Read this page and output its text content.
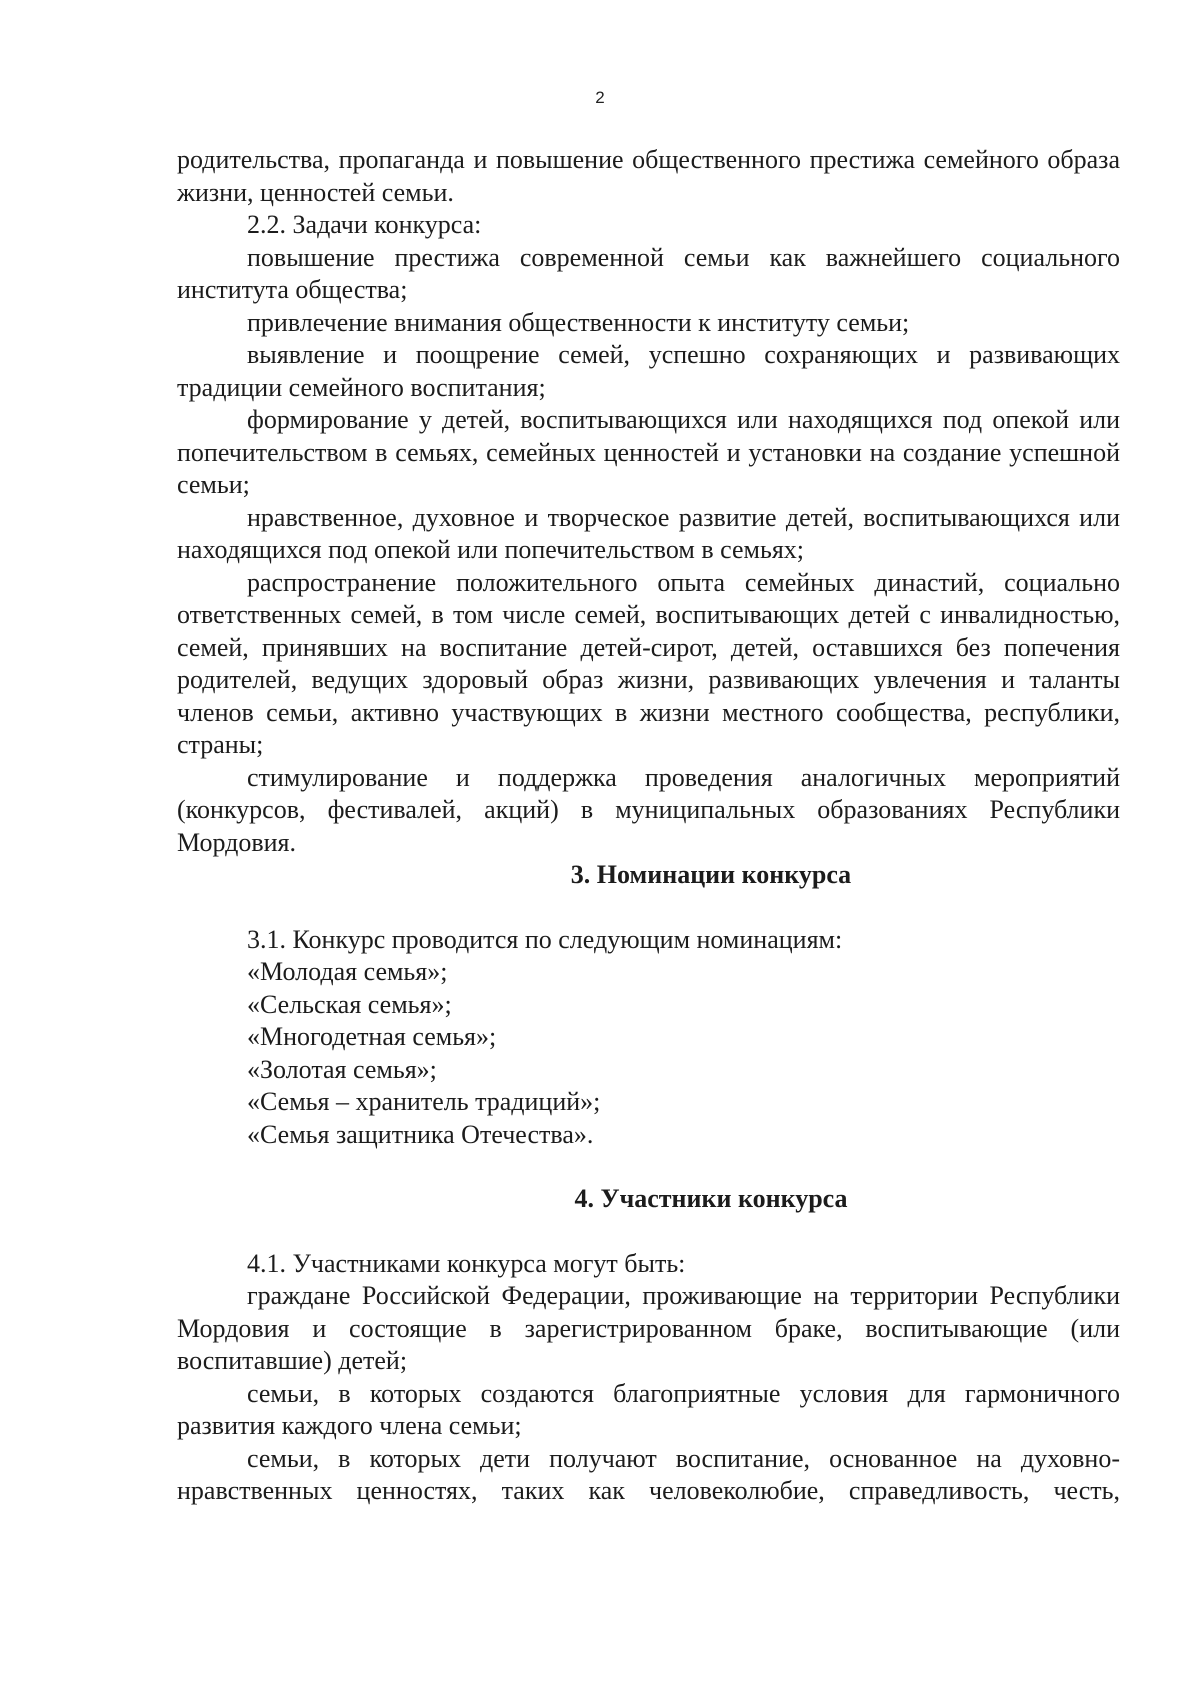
2

родительства, пропаганда и повышение общественного престижа семейного образа жизни, ценностей семьи.

2.2. Задачи конкурса:

повышение престижа современной семьи как важнейшего социального института общества;

привлечение внимания общественности к институту семьи;

выявление и поощрение семей, успешно сохраняющих и развивающих традиции семейного воспитания;

формирование у детей, воспитывающихся или находящихся под опекой или попечительством в семьях, семейных ценностей и установки на создание успешной семьи;

нравственное, духовное и творческое развитие детей, воспитывающихся или находящихся под опекой или попечительством в семьях;

распространение положительного опыта семейных династий, социально ответственных семей, в том числе семей, воспитывающих детей с инвалидностью, семей, принявших на воспитание детей-сирот, детей, оставшихся без попечения родителей, ведущих здоровый образ жизни, развивающих увлечения и таланты членов семьи, активно участвующих в жизни местного сообщества, республики, страны;

стимулирование и поддержка проведения аналогичных мероприятий (конкурсов, фестивалей, акций) в муниципальных образованиях Республики Мордовия.

3. Номинации конкурса

3.1. Конкурс проводится по следующим номинациям:

«Молодая семья»;

«Сельская семья»;

«Многодетная семья»;

«Золотая семья»;

«Семья – хранитель традиций»;

«Семья защитника Отечества».

4. Участники конкурса

4.1. Участниками конкурса могут быть:

граждане Российской Федерации, проживающие на территории Республики Мордовия и состоящие в зарегистрированном браке, воспитывающие (или воспитавшие) детей;

семьи, в которых создаются благоприятные условия для гармоничного развития каждого члена семьи;

семьи, в которых дети получают воспитание, основанное на духовно-нравственных ценностях, таких как человеколюбие, справедливость, честь,
